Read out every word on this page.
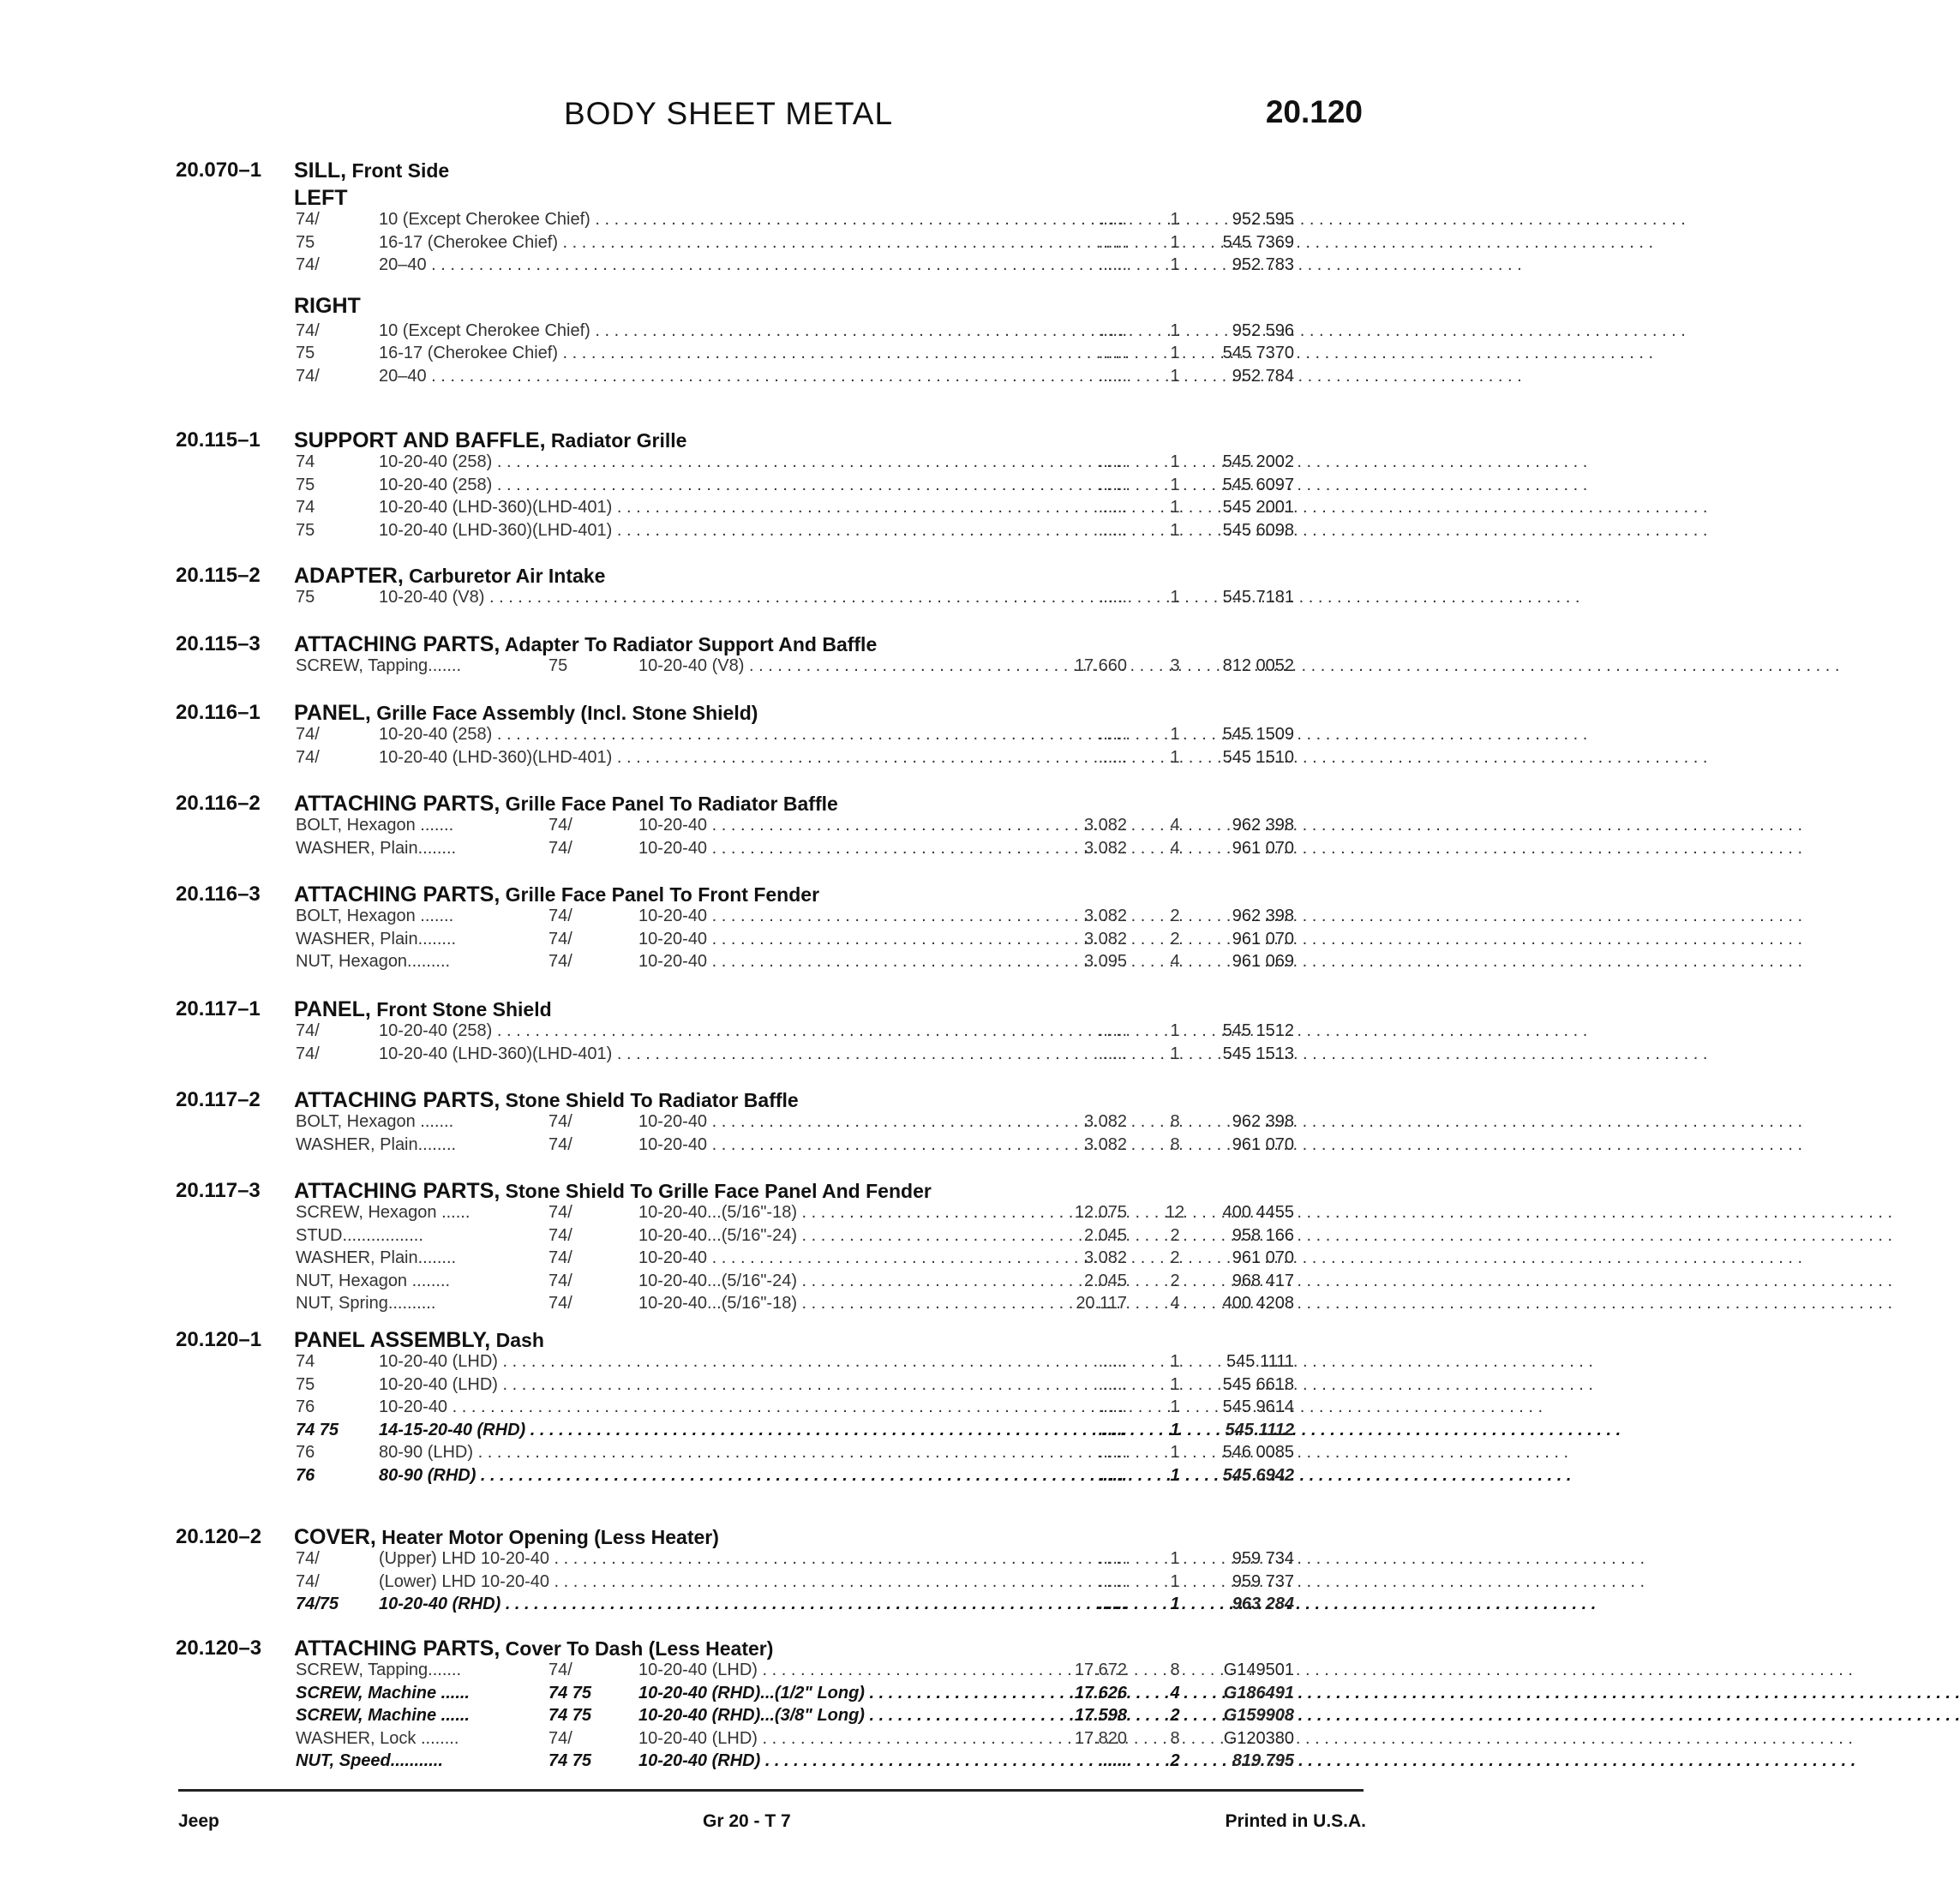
BODY SHEET METAL	20.120
20.070–1 SILL, Front Side
LEFT
74/	10 (Except Cherokee Chief) . . .	......	1	952 595
75	16-17 (Cherokee Chief) . . .	......	1	545 7369
74/	20–40 . . .	......	1	952 783
RIGHT
74/	10 (Except Cherokee Chief) . . .	......	1	952 596
75	16-17 (Cherokee Chief) . . .	......	1	545 7370
74/	20–40 . . .	......	1	952 784
20.115–1 SUPPORT AND BAFFLE, Radiator Grille
74	10-20-40 (258) . . .	......	1	545 2002
75	10-20-40 (258) . . .	......	1	545 6097
74	10-20-40 (LHD-360)(LHD-401) . . .	......	1	545 2001
75	10-20-40 (LHD-360)(LHD-401) . . .	......	1	545 6098
20.115–2 ADAPTER, Carburetor Air Intake
75	10-20-40 (V8) . . .	......	1	545 7181
20.115–3 ATTACHING PARTS, Adapter To Radiator Support And Baffle
SCREW, Tapping.......	75	10-20-40 (V8) . . .	17.660	3	812 0052
20.116–1 PANEL, Grille Face Assembly (Incl. Stone Shield)
74/	10-20-40 (258) . . .	......	1	545 1509
74/	10-20-40 (LHD-360)(LHD-401) . . .	......	1	545 1510
20.116–2 ATTACHING PARTS, Grille Face Panel To Radiator Baffle
BOLT, Hexagon .......	74/	10-20-40 . . .	3.082	4	962 398
WASHER, Plain........	74/	10-20-40 . . .	3.082	4	961 070
20.116–3 ATTACHING PARTS, Grille Face Panel To Front Fender
BOLT, Hexagon .......	74/	10-20-40 . . .	3.082	2	962 398
WASHER, Plain........	74/	10-20-40 . . .	3.082	2	961 070
NUT, Hexagon.........	74/	10-20-40 . . .	3.095	4	961 069
20.117–1 PANEL, Front Stone Shield
74/	10-20-40 (258) . . .	......	1	545 1512
74/	10-20-40 (LHD-360)(LHD-401) . . .	......	1	545 1513
20.117–2 ATTACHING PARTS, Stone Shield To Radiator Baffle
BOLT, Hexagon .......	74/	10-20-40 . . .	3.082	8	962 398
WASHER, Plain........	74/	10-20-40 . . .	3.082	8	961 070
20.117–3 ATTACHING PARTS, Stone Shield To Grille Face Panel And Fender
SCREW, Hexagon ......	74/	10-20-40...(5/16"-18) . . .	12.075 12	400 4455
STUD.................	74/	10-20-40...(5/16"-24) . . .	2.045	2	958 166
WASHER, Plain........	74/	10-20-40 . . .	3.082	2	961 070
NUT, Hexagon ........	74/	10-20-40...(5/16"-24) . . .	2.045	2	968 417
NUT, Spring..........	74/	10-20-40...(5/16"-18) . . .	20.117	4	400 4208
20.120–1 PANEL ASSEMBLY, Dash
74	10-20-40 (LHD) . . .	......	1	545 1111
75	10-20-40 (LHD) . . .	......	1	545 6618
76	10-20-40 . . .	......	1	545 9614
74 75 14-15-20-40 (RHD) . . .	......	1	545 1112
76	80-90 (LHD) . . .	......	1	546 0085
76	80-90 (RHD) . . .	......	1	545 6942
20.120–2 COVER, Heater Motor Opening (Less Heater)
74/	(Upper) LHD 10-20-40 . . .	......	1	959 734
74/	(Lower) LHD 10-20-40 . . .	......	1	959 737
74/75 10-20-40 (RHD) . . .	......	1	963 284
20.120–3 ATTACHING PARTS, Cover To Dash (Less Heater)
SCREW, Tapping.......	74/	10-20-40 (LHD) . . .	17.672	8	G149501
SCREW, Machine ......	74 75	10-20-40 (RHD)...(1/2" Long) . . .	17.626	4	G186491
SCREW, Machine ......	74 75	10-20-40 (RHD)...(3/8" Long) . . .	17.598	2	G159908
WASHER, Lock ........	74/	10-20-40 (LHD) . . .	17.820	8	G120380
NUT, Speed...........	74 75	10-20-40 (RHD) . . .	......	2	819 795
Jeep	Gr 20 - T 7	Printed in U.S.A.
